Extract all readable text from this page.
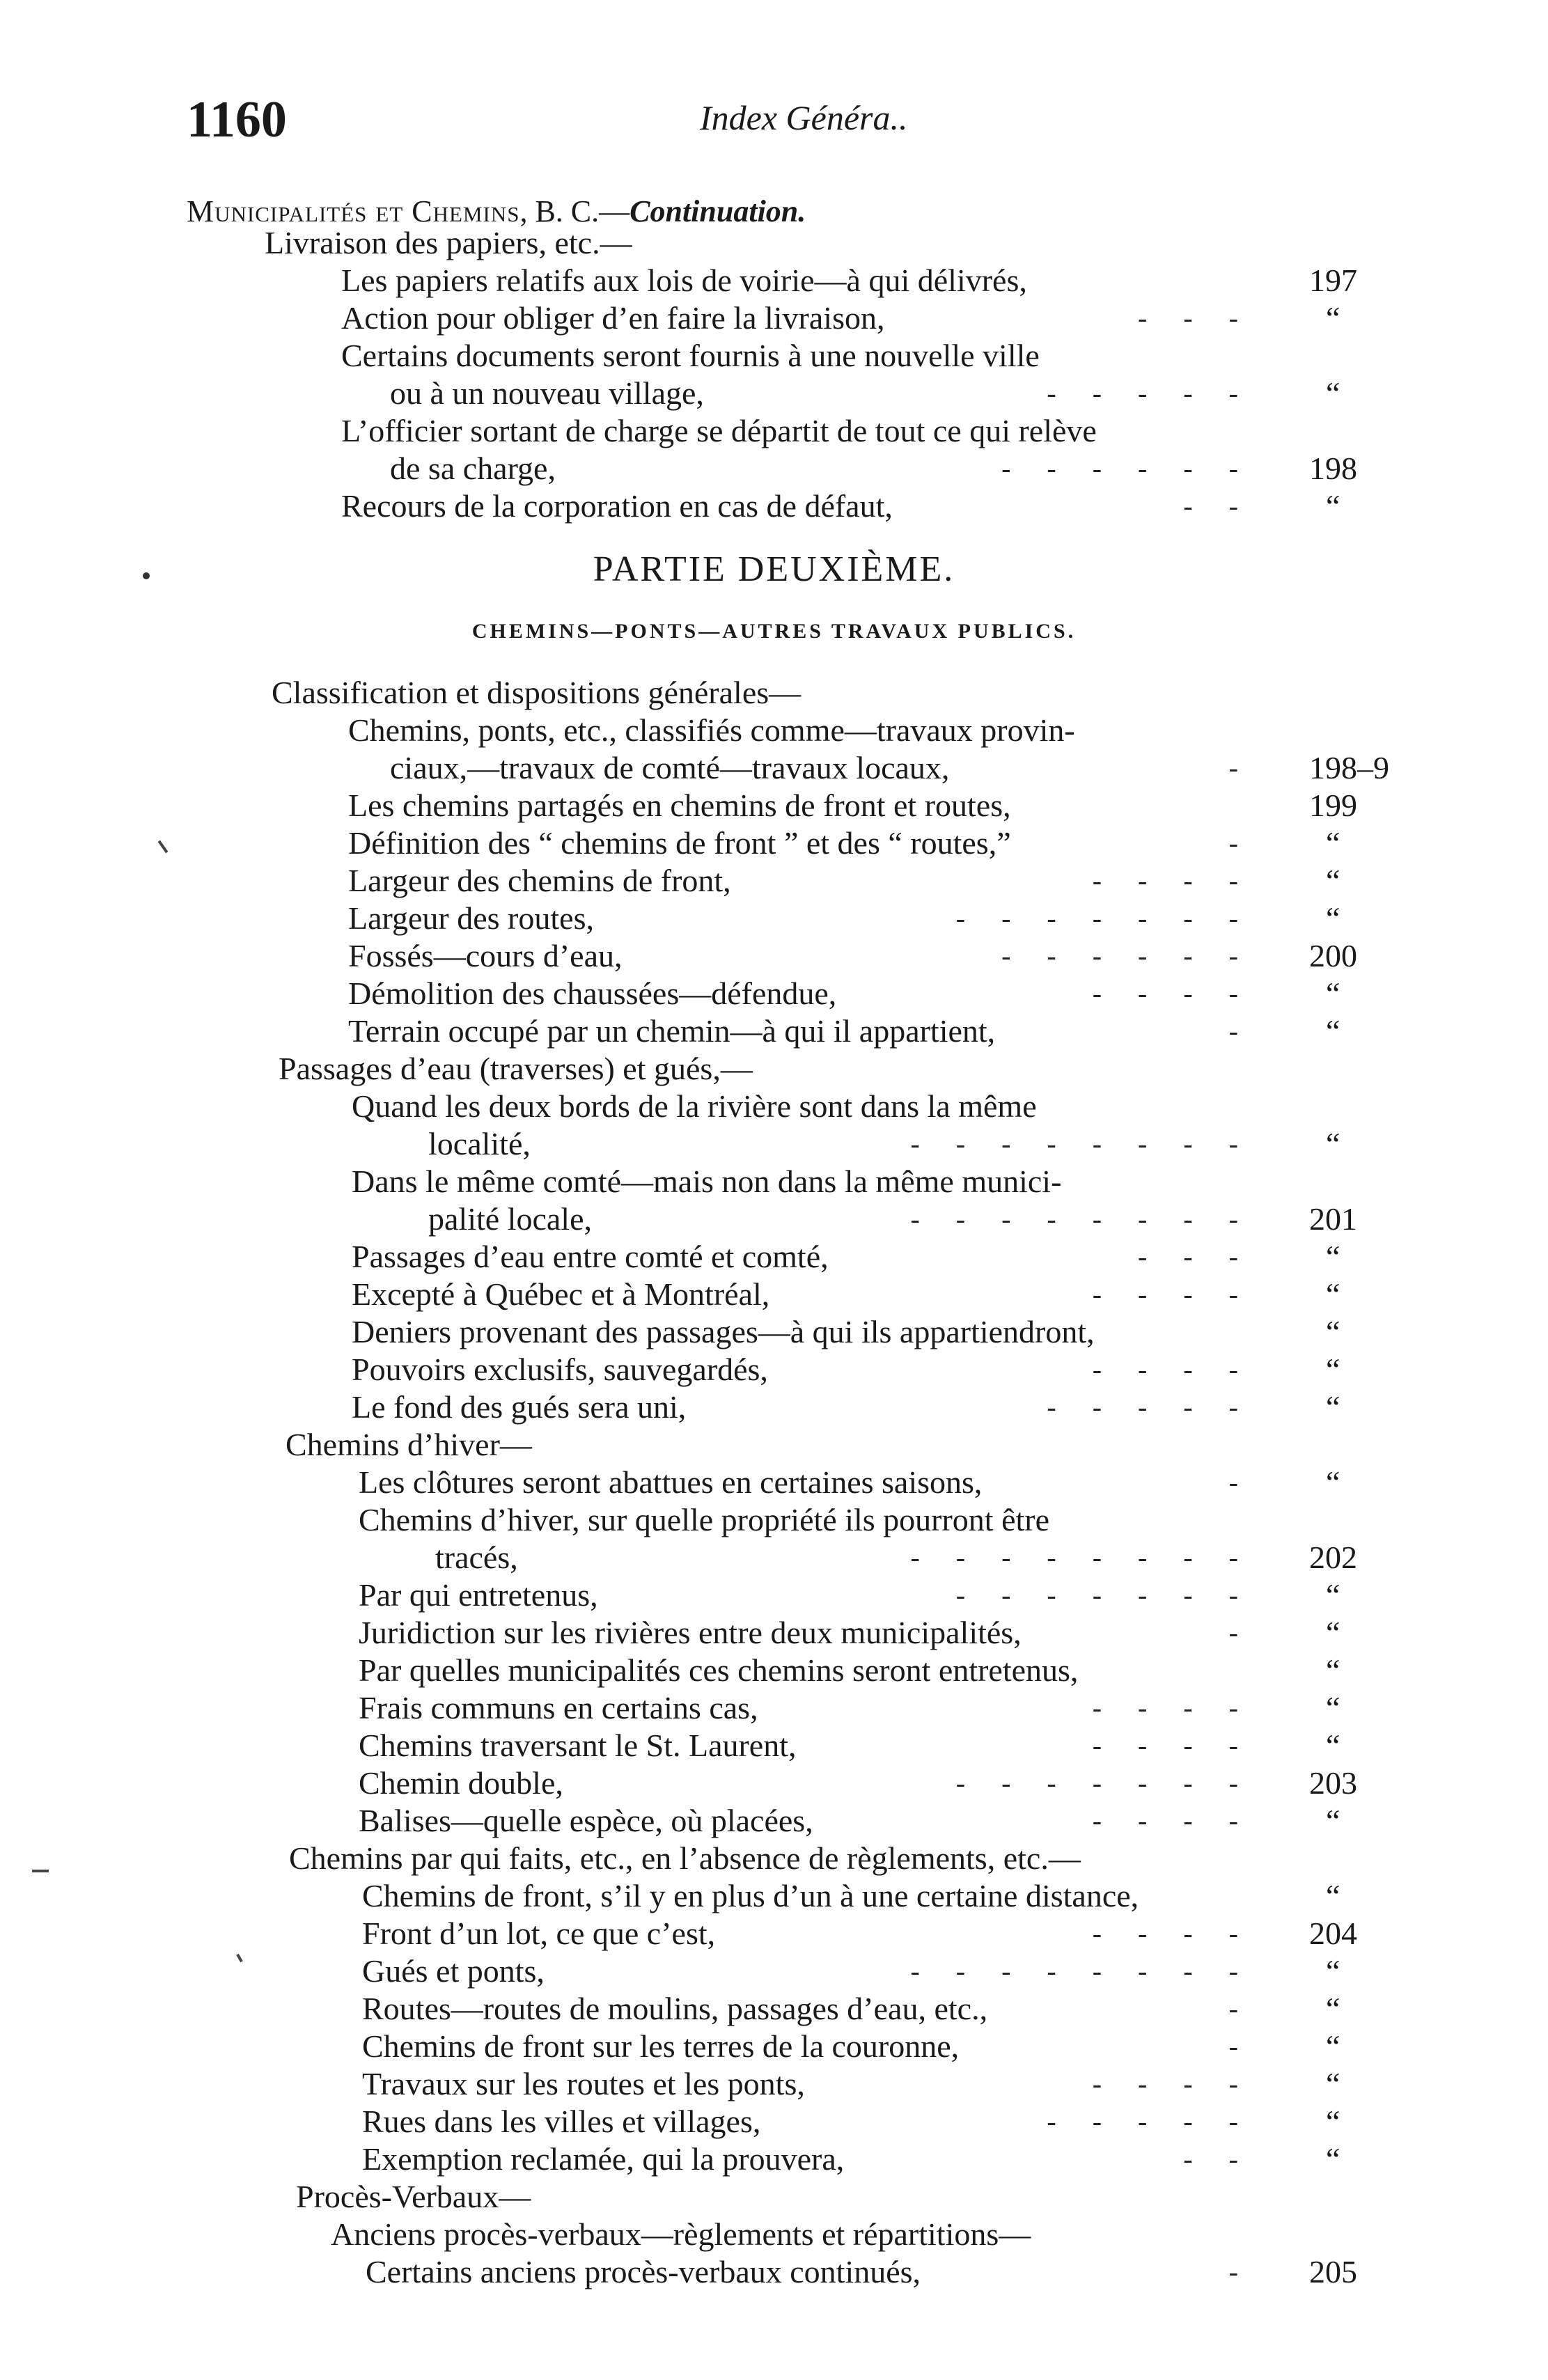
1160	Index Généra..
Municipalités et Chemins, B. C.—Continuation.
PARTIE DEUXIÈME.
CHEMINS—PONTS—AUTRES TRAVAUX PUBLICS.
Livraison des papiers, etc.—
Les papiers relatifs aux lois de voirie—à qui délivrés,	197
Action pour obliger d’en faire la livraison,	--- “
Certains documents seront fournis à une nouvelle ville
ou à un nouveau village,	----- “
L’officier sortant de charge se départit de tout ce qui relève
de sa charge,	------ 198
Recours de la corporation en cas de défaut,	-- “
Classification et dispositions générales—
Chemins, ponts, etc., classifiés comme—travaux provin-
ciaux,—travaux de comté—travaux locaux,	- 198–9
Les chemins partagés en chemins de front et routes,	199
Définition des “ chemins de front ” et des “ routes,”	- “
Largeur des chemins de front,	---- “
Largeur des routes,	------- “
Fossés—cours d’eau,	------ 200
Démolition des chaussées—défendue,	---- “
Terrain occupé par un chemin—à qui il appartient,	- “
Passages d’eau (traverses) et gués,—
Quand les deux bords de la rivière sont dans la même
localité,	-------- “
Dans le même comté—mais non dans la même munici-
palité locale,	-------- 201
Passages d’eau entre comté et comté,	--- “
Excepté à Québec et à Montréal,	---- “
Deniers provenant des passages—à qui ils appartiendront,	“
Pouvoirs exclusifs, sauvegardés,	---- “
Le fond des gués sera uni,	----- “
Chemins d’hiver—
Les clôtures seront abattues en certaines saisons,	- “
Chemins d’hiver, sur quelle propriété ils pourront être
tracés,	-------- 202
Par qui entretenus,	------- “
Juridiction sur les rivières entre deux municipalités,	- “
Par quelles municipalités ces chemins seront entretenus,	“
Frais communs en certains cas,	---- “
Chemins traversant le St. Laurent,	---- “
Chemin double,	------- 203
Balises—quelle espèce, où placées,	---- “
Chemins par qui faits, etc., en l’absence de règlements, etc.—
Chemins de front, s’il y en plus d’un à une certaine distance,	“
Front d’un lot, ce que c’est,	---- 204
Gués et ponts,	-------- “
Routes—routes de moulins, passages d’eau, etc.,	- “
Chemins de front sur les terres de la couronne,	- “
Travaux sur les routes et les ponts,	---- “
Rues dans les villes et villages,	----- “
Exemption reclamée, qui la prouvera,	-- “
Procès-Verbaux—
Anciens procès-verbaux—règlements et répartitions—
Certains anciens procès-verbaux continués,	- 205
